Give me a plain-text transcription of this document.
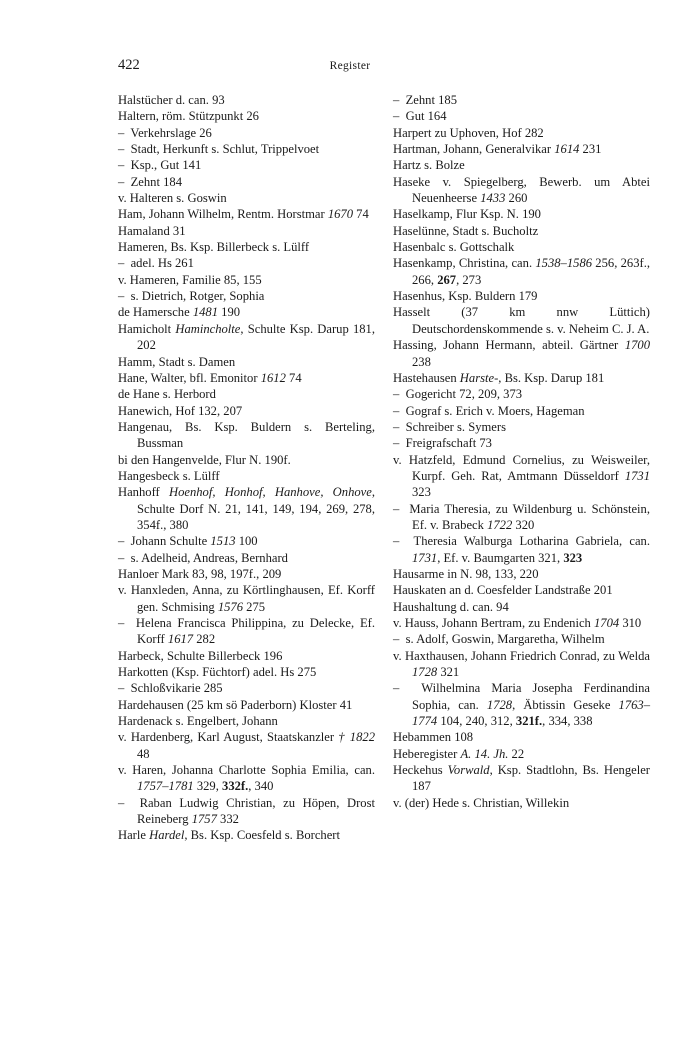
422	Register
Halstücher d. can. 93
Haltern, röm. Stützpunkt 26
–  Verkehrslage 26
–  Stadt, Herkunft s. Schlut, Trippelvoet
–  Ksp., Gut 141
–  Zehnt 184
v. Halteren s. Goswin
Ham, Johann Wilhelm, Rentm. Horstmar 1670 74
Hamaland 31
Hameren, Bs. Ksp. Billerbeck s. Lülff
–  adel. Hs 261
v. Hameren, Familie 85, 155
–  s. Dietrich, Rotger, Sophia
de Hamersche 1481 190
Hamicholt Hamincholte, Schulte Ksp. Darup 181, 202
Hamm, Stadt s. Damen
Hane, Walter, bfl. Emonitor 1612 74
de Hane s. Herbord
Hanewich, Hof 132, 207
Hangenau, Bs. Ksp. Buldern s. Berteling, Bussman
bi den Hangenvelde, Flur N. 190f.
Hangesbeck s. Lülff
Hanhoff Hoenhof, Honhof, Hanhove, Onhove, Schulte Dorf N. 21, 141, 149, 194, 269, 278, 354f., 380
–  Johann Schulte 1513 100
–  s. Adelheid, Andreas, Bernhard
Hanloer Mark 83, 98, 197f., 209
v. Hanxleden, Anna, zu Körtlinghausen, Ef. Korff gen. Schmising 1576 275
–  Helena Francisca Philippina, zu Delecke, Ef. Korff 1617 282
Harbeck, Schulte Billerbeck 196
Harkotten (Ksp. Füchtorf) adel. Hs 275
–  Schloßvikarie 285
Hardehausen (25 km sö Paderborn) Kloster 41
Hardenack s. Engelbert, Johann
v. Hardenberg, Karl August, Staatskanzler † 1822 48
v. Haren, Johanna Charlotte Sophia Emilia, can. 1757–1781 329, 332f., 340
–  Raban Ludwig Christian, zu Höpen, Drost Reineberg 1757 332
Harle Hardel, Bs. Ksp. Coesfeld s. Borchert
–  Zehnt 185
–  Gut 164
Harpert zu Uphoven, Hof 282
Hartman, Johann, Generalvikar 1614 231
Hartz s. Bolze
Haseke v. Spiegelberg, Bewerb. um Abtei Neuenheerse 1433 260
Haselkamp, Flur Ksp. N. 190
Haselünne, Stadt s. Bucholtz
Hasenbalc s. Gottschalk
Hasenkamp, Christina, can. 1538–1586 256, 263f., 266, 267, 273
Hasenhus, Ksp. Buldern 179
Hasselt (37 km nnw Lüttich) Deutschordenskommende s. v. Neheim C. J. A.
Hassing, Johann Hermann, abteil. Gärtner 1700 238
Hastehausen Harste-, Bs. Ksp. Darup 181
–  Gogericht 72, 209, 373
–  Gograf s. Erich v. Moers, Hageman
–  Schreiber s. Symers
–  Freigrafschaft 73
v. Hatzfeld, Edmund Cornelius, zu Weisweiler, Kurpf. Geh. Rat, Amtmann Düsseldorf 1731 323
–  Maria Theresia, zu Wildenburg u. Schönstein, Ef. v. Brabeck 1722 320
–  Theresia Walburga Lotharina Gabriela, can. 1731, Ef. v. Baumgarten 321, 323
Hausarme in N. 98, 133, 220
Hauskaten an d. Coesfelder Landstraße 201
Haushaltung d. can. 94
v. Hauss, Johann Bertram, zu Endenich 1704 310
–  s. Adolf, Goswin, Margaretha, Wilhelm
v. Haxthausen, Johann Friedrich Conrad, zu Welda 1728 321
–  Wilhelmina Maria Josepha Ferdinandina Sophia, can. 1728, Äbtissin Geseke 1763–1774 104, 240, 312, 321f., 334, 338
Hebammen 108
Heberegister A. 14. Jh. 22
Heckehus Vorwald, Ksp. Stadtlohn, Bs. Hengeler 187
v. (der) Hede s. Christian, Willekin
